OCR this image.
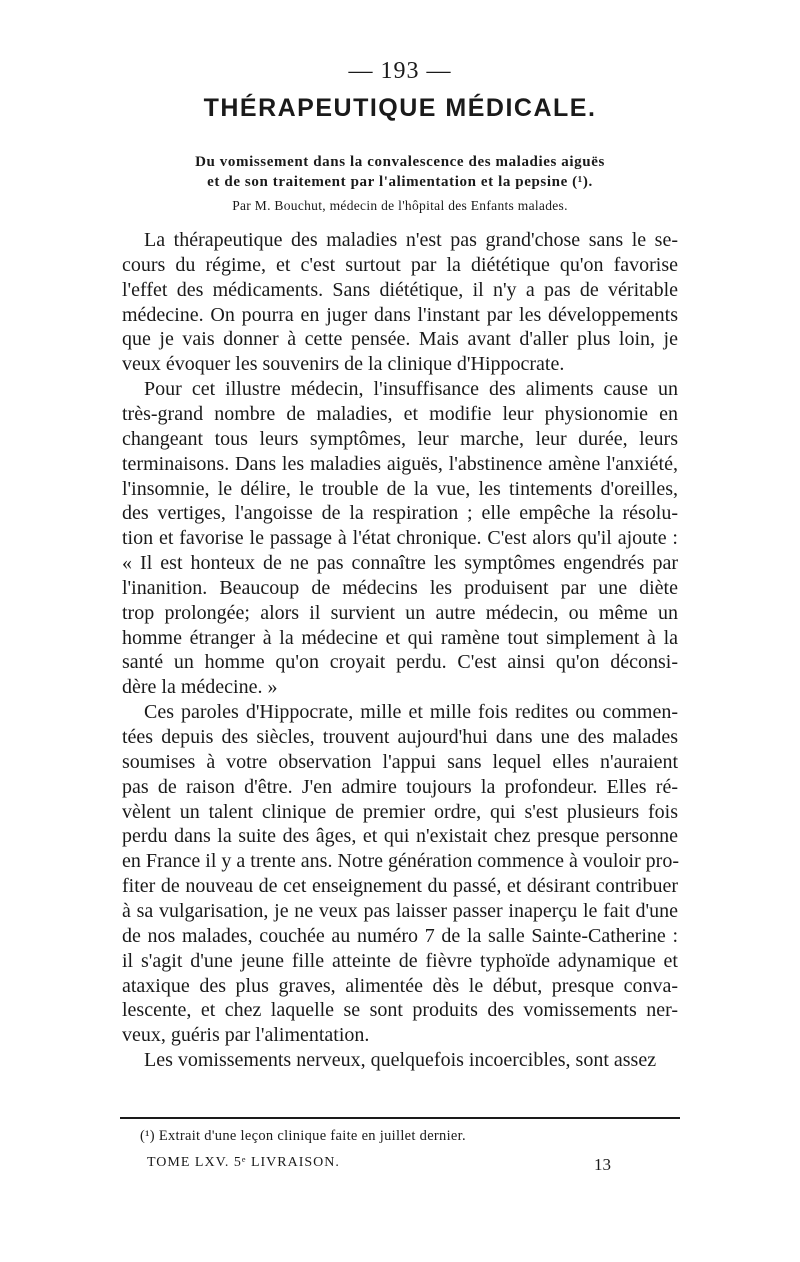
— 193 —
THÉRAPEUTIQUE MÉDICALE.
Du vomissement dans la convalescence des maladies aiguës
et de son traitement par l'alimentation et la pepsine (¹).
Par M. Bouchut, médecin de l'hôpital des Enfants malades.
La thérapeutique des maladies n'est pas grand'chose sans le se-
cours du régime, et c'est surtout par la diététique qu'on favorise
l'effet des médicaments. Sans diététique, il n'y a pas de véritable
médecine. On pourra en juger dans l'instant par les développements
que je vais donner à cette pensée. Mais avant d'aller plus loin, je
veux évoquer les souvenirs de la clinique d'Hippocrate.
Pour cet illustre médecin, l'insuffisance des aliments cause un
très-grand nombre de maladies, et modifie leur physionomie en
changeant tous leurs symptômes, leur marche, leur durée, leurs
terminaisons. Dans les maladies aiguës, l'abstinence amène l'anxiété,
l'insomnie, le délire, le trouble de la vue, les tintements d'oreilles,
des vertiges, l'angoisse de la respiration ; elle empêche la résolu-
tion et favorise le passage à l'état chronique. C'est alors qu'il ajoute :
« Il est honteux de ne pas connaître les symptômes engendrés par
l'inanition. Beaucoup de médecins les produisent par une diète
trop prolongée; alors il survient un autre médecin, ou même un
homme étranger à la médecine et qui ramène tout simplement à la
santé un homme qu'on croyait perdu. C'est ainsi qu'on déconsi-
dère la médecine. »
Ces paroles d'Hippocrate, mille et mille fois redites ou commen-
tées depuis des siècles, trouvent aujourd'hui dans une des malades
soumises à votre observation l'appui sans lequel elles n'auraient
pas de raison d'être. J'en admire toujours la profondeur. Elles ré-
vèlent un talent clinique de premier ordre, qui s'est plusieurs fois
perdu dans la suite des âges, et qui n'existait chez presque personne
en France il y a trente ans. Notre génération commence à vouloir pro-
fiter de nouveau de cet enseignement du passé, et désirant contribuer
à sa vulgarisation, je ne veux pas laisser passer inaperçu le fait d'une
de nos malades, couchée au numéro 7 de la salle Sainte-Catherine :
il s'agit d'une jeune fille atteinte de fièvre typhoïde adynamique et
ataxique des plus graves, alimentée dès le début, presque conva-
lescente, et chez laquelle se sont produits des vomissements ner-
veux, guéris par l'alimentation.
Les vomissements nerveux, quelquefois incoercibles, sont assez
(¹) Extrait d'une leçon clinique faite en juillet dernier.
TOME LXV. 5ᵉ LIVRAISON.	13
